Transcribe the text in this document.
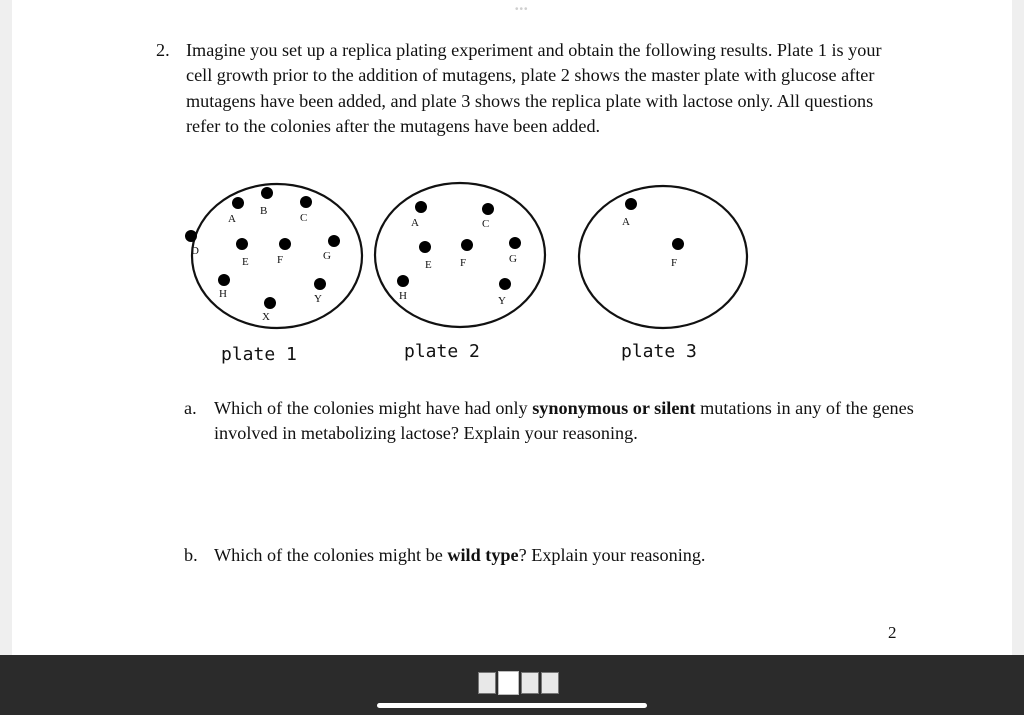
•••
2. Imagine you set up a replica plating experiment and obtain the following results. Plate 1 is your cell growth prior to the addition of mutagens, plate 2 shows the master plate with glucose after mutagens have been added, and plate 3 shows the replica plate with lactose only. All questions refer to the colonies after the mutagens have been added.
A
B
C
D
E	F	G
H	Y
X
plate 1
A	C
E	F	G
H	Y
plate 2
A
F
plate 3
a. Which of the colonies might have had only synonymous or silent mutations in any of the genes involved in metabolizing lactose? Explain your reasoning.
b. Which of the colonies might be wild type? Explain your reasoning.
2
